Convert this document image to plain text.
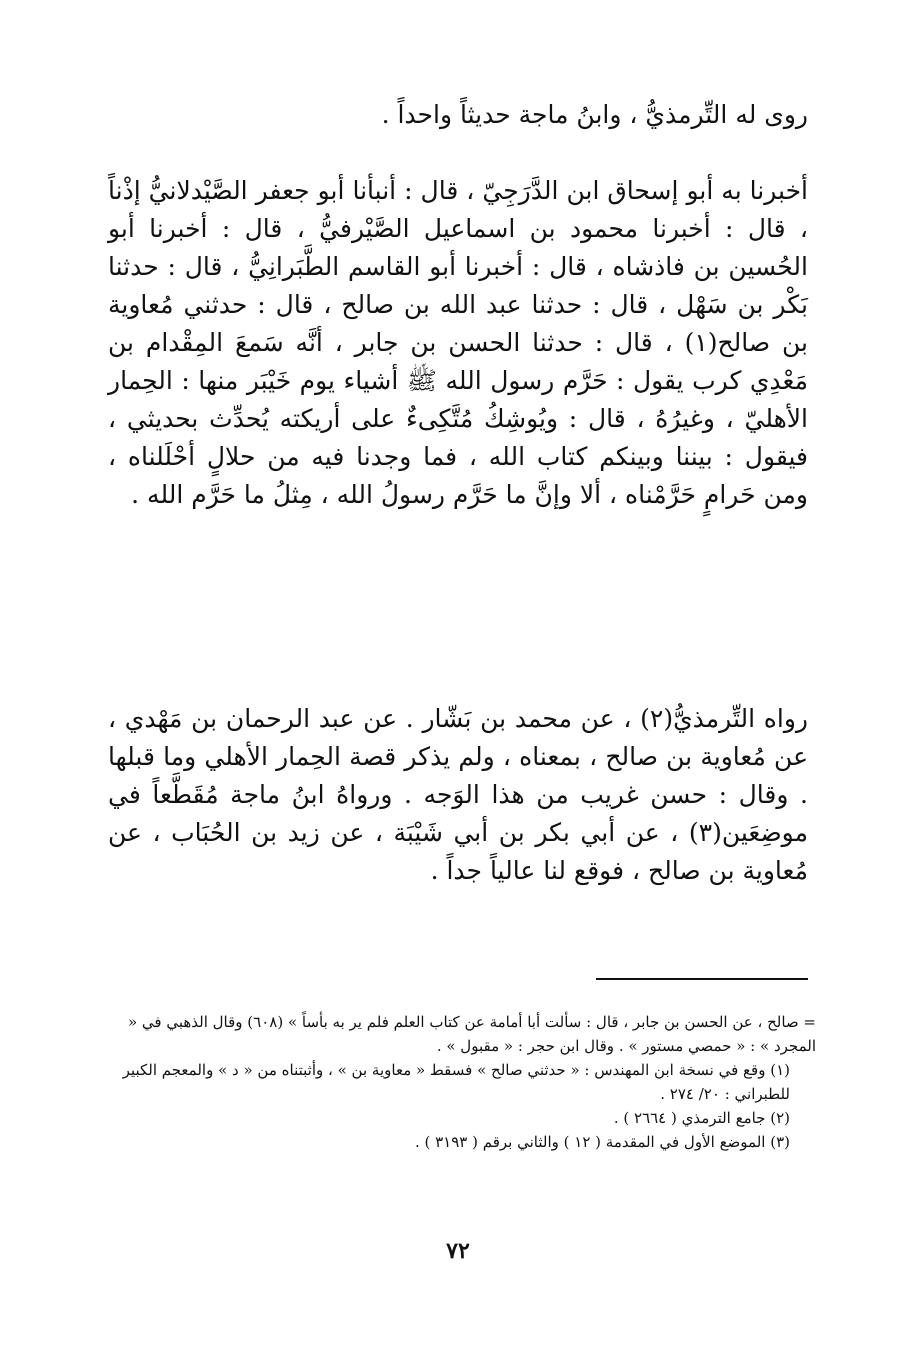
روى له التِّرمذيُّ ، وابنُ ماجة حديثاً واحداً .

أخبرنا به أبو إسحاق ابن الدَّرَجِيّ ، قال : أنبأنا أبو جعفر الصَّيْدلانيُّ إذْناً ، قال : أخبرنا محمود بن اسماعيل الصَّيْرفيُّ ، قال : أخبرنا أبو الحُسين بن فاذشاه ، قال : أخبرنا أبو القاسم الطَّبَرانِيُّ ، قال : حدثنا بَكْر بن سَهْل ، قال : حدثنا عبد الله بن صالح ، قال : حدثني مُعاوية بن صالح(١) ، قال : حدثنا الحسن بن جابر ، أنَّه سَمعَ المِقْدام بن مَعْدِي كرب يقول : حَرَّم رسول الله ﷺ أشياء يوم خَيْبَر منها : الحِمار الأهليّ ، وغيرُهُ ، قال : ويُوشِكُ مُتَّكِىءٌ على أريكته يُحدِّث بحديثي ، فيقول : بيننا وبينكم كتاب الله ، فما وجدنا فيه من حلالٍ أحْلَلناه ، ومن حَرامٍ حَرَّمْناه ، ألا وإنَّ ما حَرَّم رسولُ الله ، مِثلُ ما حَرَّم الله .

رواه التِّرمذيُّ(٢) ، عن محمد بن بَشّار . عن عبد الرحمان بن مَهْدي ، عن مُعاوية بن صالح ، بمعناه ، ولم يذكر قصة الحِمار الأهلي وما قبلها . وقال : حسن غريب من هذا الوَجه . ورواهُ ابنُ ماجة مُقَطَّعاً في موضِعَين(٣) ، عن أبي بكر بن أبي شَيْبَة ، عن زيد بن الحُبَاب ، عن مُعاوية بن صالح ، فوقع لنا عالياً جداً .

= صالح ، عن الحسن بن جابر ، قال : سألت أبا أمامة عن كتاب العلم فلم ير به بأساً » (٦٠٨) وقال الذهبي في « المجرد » : « حمصي مستور » . وقال ابن حجر : « مقبول » .

(١) وقع في نسخة ابن المهندس : « حدثني صالح » فسقط « معاوية بن » ، وأثبتناه من « د » والمعجم الكبير للطبراني : ٢٠/ ٢٧٤ .

(٢) جامع الترمذي ( ٢٦٦٤ ) .

(٣) الموضع الأول في المقدمة ( ١٢ ) والثاني برقم ( ٣١٩٣ ) .

٧٢
